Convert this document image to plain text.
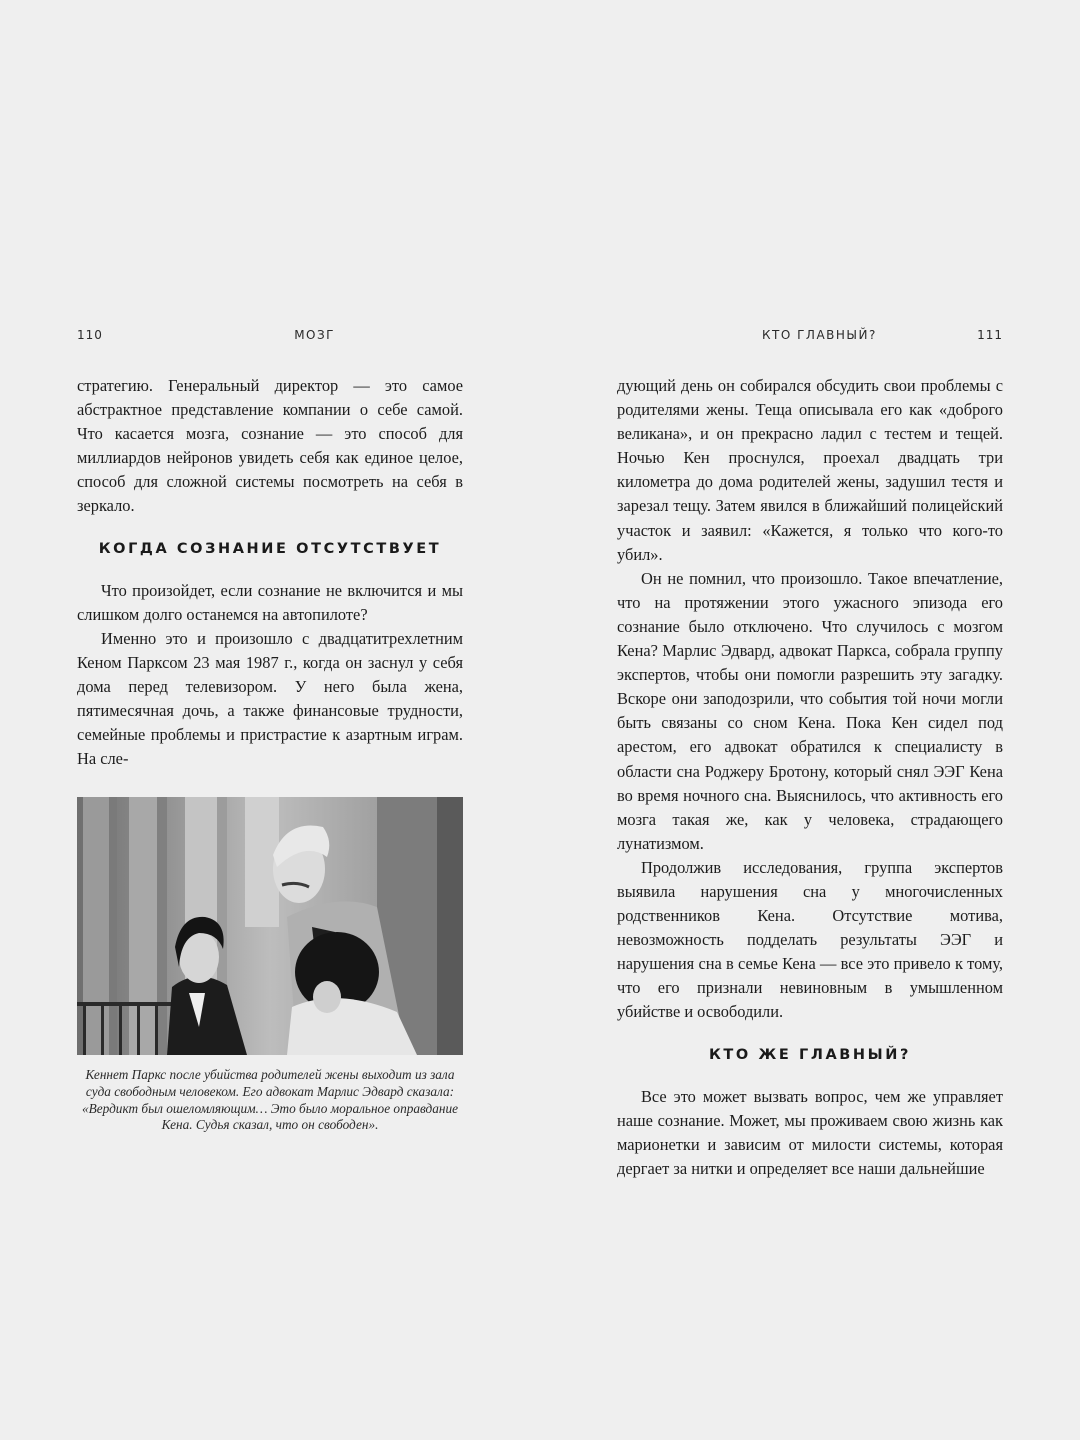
110	МОЗГ

стратегию. Генеральный директор — это самое абстрактное представление компании о себе самой. Что касается мозга, сознание — это способ для миллиардов нейронов увидеть себя как единое целое, способ для сложной системы посмотреть на себя в зеркало.

КОГДА СОЗНАНИЕ ОТСУТСТВУЕТ

Что произойдет, если сознание не включится и мы слишком долго останемся на автопилоте?

Именно это и произошло с двадцатитрехлетним Кеном Парксом 23 мая 1987 г., когда он заснул у себя дома перед телевизором. У него была жена, пятимесячная дочь, а также финансовые трудности, семейные проблемы и пристрастие к азартным играм. На сле-

Кеннет Паркс после убийства родителей жены выходит из зала суда свободным человеком. Его адвокат Марлис Эдвард сказала: «Вердикт был ошеломляющим… Это было моральное оправдание Кена. Судья сказал, что он свободен».
КТО ГЛАВНЫЙ?	111

дующий день он собирался обсудить свои проблемы с родителями жены. Теща описывала его как «доброго великана», и он прекрасно ладил с тестем и тещей. Ночью Кен проснулся, проехал двадцать три километра до дома родителей жены, задушил тестя и зарезал тещу. Затем явился в ближайший полицейский участок и заявил: «Кажется, я только что кого-то убил».

Он не помнил, что произошло. Такое впечатление, что на протяжении этого ужасного эпизода его сознание было отключено. Что случилось с мозгом Кена? Марлис Эдвард, адвокат Паркса, собрала группу экспертов, чтобы они помогли разрешить эту загадку. Вскоре они заподозрили, что события той ночи могли быть связаны со сном Кена. Пока Кен сидел под арестом, его адвокат обратился к специалисту в области сна Роджеру Бротону, который снял ЭЭГ Кена во время ночного сна. Выяснилось, что активность его мозга такая же, как у человека, страдающего лунатизмом.

Продолжив исследования, группа экспертов выявила нарушения сна у многочисленных родственников Кена. Отсутствие мотива, невозможность подделать результаты ЭЭГ и нарушения сна в семье Кена — все это привело к тому, что его признали невиновным в умышленном убийстве и освободили.

КТО ЖЕ ГЛАВНЫЙ?

Все это может вызвать вопрос, чем же управляет наше сознание. Может, мы проживаем свою жизнь как марионетки и зависим от милости системы, которая дергает за нитки и определяет все наши дальнейшие
